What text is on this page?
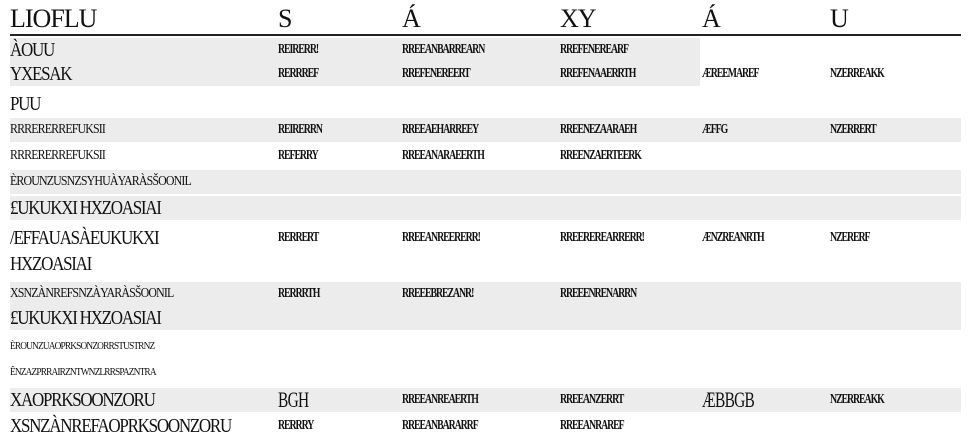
LIOFLU	S	Á	XY	Á	U
ÀOUU	REIRERR!	RREEANBARREARN	RREFENEREARF
YXESAK	RERRREF	RREFENEREERT	RREFENAAERRTH	ÆREEMAREF	NZERREAKK
PUU
RRRERERREFUKSII	REIRERRN	RREEAEHARREEY	RREENEZAARAEH	ÆFFG	NZERRERT
RRRERERREFUKSII	REFERRY	RREEANARAEERTH	RREENZAERTEERK
ÈROUNZUSNZSYHUÀYARÀSŠOONIL
£UKUKXI HXZOASIAI
/EFFAUASÀEUKUKXI	RERRERT	RREEANREERERR!	RREEREREARRERR!	ÆNZREANRTH	NZERERF
HXZOASIAI
XSNZÀNREFSNZÀYARÀSŠOONIL	RERRRTH	RREEEBREZANR!	RREEENRENARRN
£UKUKXI HXZOASIAI
ÈROUNZUAOPRKSONZORRSTUSTRNZ
ÊNZAZPRRAIRZNTWNZLRRSPAZNTRA
XAOPRKSOONZORU	BGH	RREEANREAERTH	RREEANZERRT	ÆBBGB	NZERREAKK
XSNZÀNREFAOPRKSOONZORU	RERRRY	RREEANBARARRF	RREEANRAREF
